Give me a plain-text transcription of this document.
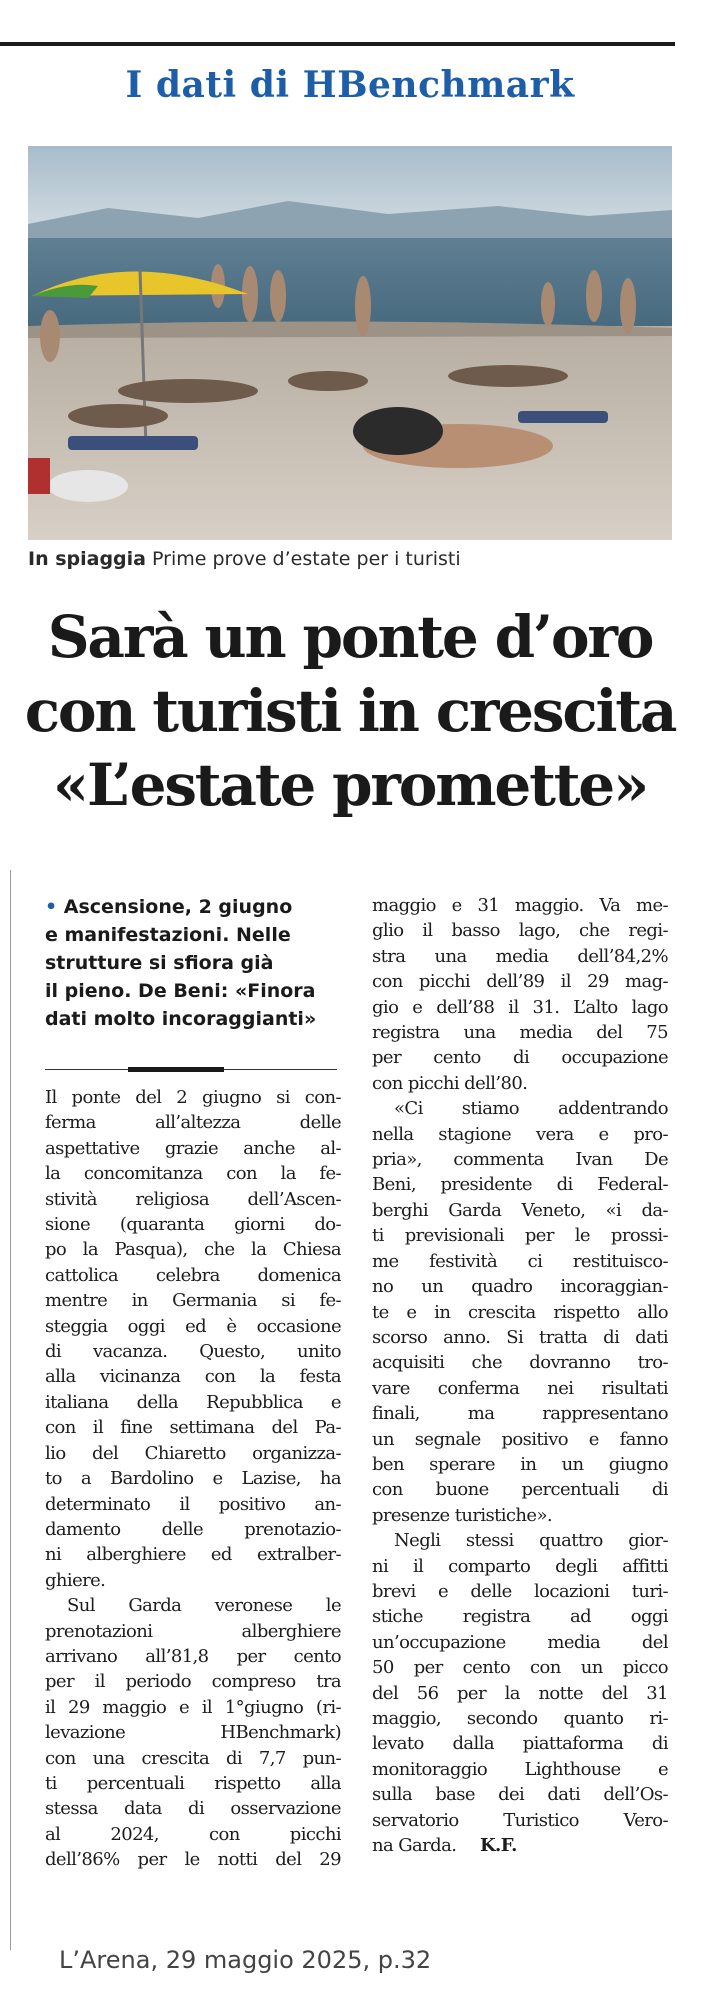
I dati di HBenchmark
In spiaggia Prime prove d’estate per i turisti
Sarà un ponte d’oro
con turisti in crescita
«L’estate promette»
• Ascensione, 2 giugno
e manifestazioni. Nelle
strutture si sfiora già
il pieno. De Beni: «Finora
dati molto incoraggianti»
Il ponte del 2 giugno si con-
ferma all’altezza delle
aspettative grazie anche al-
la concomitanza con la fe-
stività religiosa dell’Ascen-
sione (quaranta giorni do-
po la Pasqua), che la Chiesa
cattolica celebra domenica
mentre in Germania si fe-
steggia oggi ed è occasione
di vacanza. Questo, unito
alla vicinanza con la festa
italiana della Repubblica e
con il fine settimana del Pa-
lio del Chiaretto organizza-
to a Bardolino e Lazise, ha
determinato il positivo an-
damento delle prenotazio-
ni alberghiere ed extralber-
ghiere.
Sul Garda veronese le
prenotazioni alberghiere
arrivano all’81,8 per cento
per il periodo compreso tra
il 29 maggio e il 1°giugno (ri-
levazione HBenchmark)
con una crescita di 7,7 pun-
ti percentuali rispetto alla
stessa data di osservazione
al 2024, con picchi
dell’86% per le notti del 29
maggio e 31 maggio. Va me-
glio il basso lago, che regi-
stra una media dell’84,2%
con picchi dell’89 il 29 mag-
gio e dell’88 il 31. L’alto lago
registra una media del 75
per cento di occupazione
con picchi dell’80.
«Ci stiamo addentrando
nella stagione vera e pro-
pria», commenta Ivan De
Beni, presidente di Federal-
berghi Garda Veneto, «i da-
ti previsionali per le prossi-
me festività ci restituisco-
no un quadro incoraggian-
te e in crescita rispetto allo
scorso anno. Si tratta di dati
acquisiti che dovranno tro-
vare conferma nei risultati
finali, ma rappresentano
un segnale positivo e fanno
ben sperare in un giugno
con buone percentuali di
presenze turistiche».
Negli stessi quattro gior-
ni il comparto degli affitti
brevi e delle locazioni turi-
stiche registra ad oggi
un’occupazione media del
50 per cento con un picco
del 56 per la notte del 31
maggio, secondo quanto ri-
levato dalla piattaforma di
monitoraggio Lighthouse e
sulla base dei dati dell’Os-
servatorio Turistico Vero-
na Garda.	K.F.
L’Arena, 29 maggio 2025, p.32
